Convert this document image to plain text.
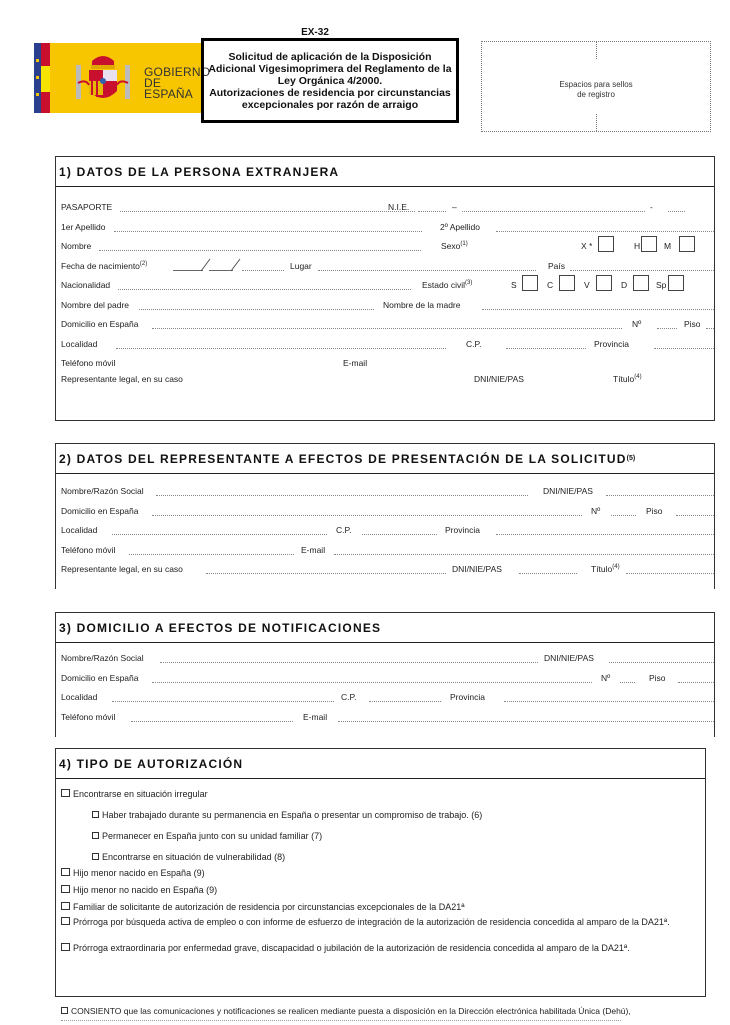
GOBIERNO
DE ESPAÑA
EX-32
Solicitud de aplicación de la Disposición
Adicional Vigesimoprimera del Reglamento de la
Ley Orgánica 4/2000.
Autorizaciones de residencia por circunstancias
excepcionales por razón de arraigo
Espacios para sellos
de registro
1) DATOS DE LA PERSONA EXTRANJERA
PASAPORTE	N.I.E.	–	-
1er Apellido	2º Apellido
Nombre	Sexo$^{(1)}$	X *	H	M
Fecha de nacimiento$^{(2)}$	Lugar	País
Nacionalidad	Estado civil$^{(3)}$	S	C	V	D	Sp
Nombre del padre	Nombre de la madre
Domicilio en España	Nº	Piso
Localidad	C.P.	Provincia
Teléfono móvil	E-mail
Representante legal, en su caso	DNI/NIE/PAS	Título$^{(4)}$
2) DATOS DEL REPRESENTANTE A EFECTOS DE PRESENTACIÓN DE LA SOLICITUD (5)
Nombre/Razón Social	DNI/NIE/PAS
Domicilio en España	Nº	Piso
Localidad	C.P.	Provincia
Teléfono móvil	E-mail
Representante legal, en su caso	DNI/NIE/PAS	Título$^{(4)}$
3) DOMICILIO A EFECTOS DE NOTIFICACIONES
Nombre/Razón Social	DNI/NIE/PAS
Domicilio en España	Nº	Piso
Localidad	C.P.	Provincia
Teléfono móvil	E-mail
4) TIPO DE AUTORIZACIÓN
Encontrarse en situación irregular
Haber trabajado durante su permanencia en España o presentar un compromiso de trabajo. (6)
Permanecer en España junto con su unidad familiar (7)
Encontrarse en situación de vulnerabilidad (8)
Hijo menor nacido en España (9)
Hijo menor no nacido en España (9)
Familiar de solicitante de autorización de residencia por circunstancias excepcionales de la DA21ª
Prórroga por búsqueda activa de empleo o con informe de esfuerzo de integración de la autorización de residencia concedida al amparo de la DA21ª.
Prórroga extraordinaria por enfermedad grave, discapacidad o jubilación de la autorización de residencia concedida al amparo de la DA21ª.
CONSIENTO que las comunicaciones y notificaciones se realicen mediante puesta a disposición en la Dirección electrónica habilitada Única (Dehú),
